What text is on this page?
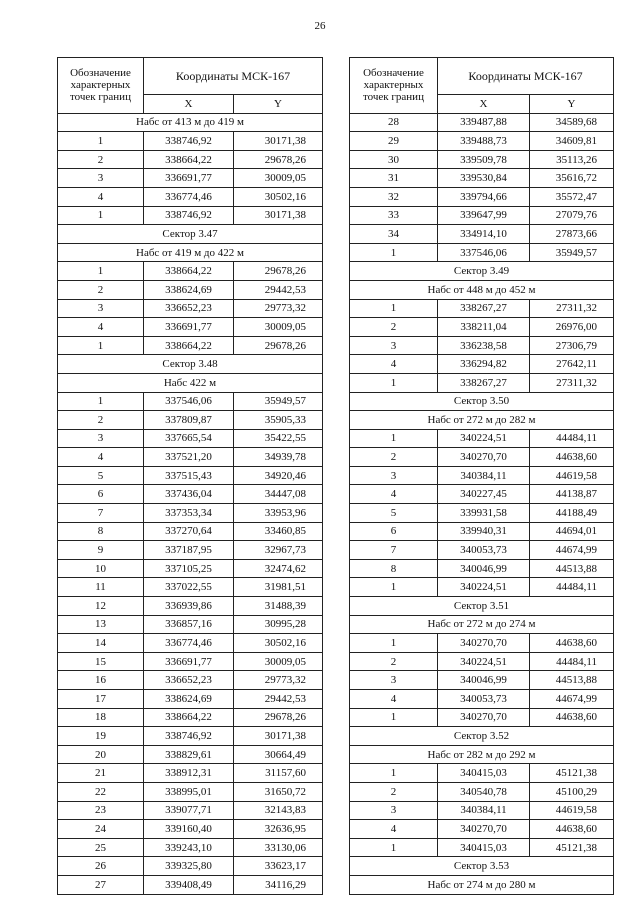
26
Обозначение характерных точек границ	Координаты МСК-167	
	X	Y
Набс от 413 м до 419 м		
1	338746,92	30171,38
2	338664,22	29678,26
3	336691,77	30009,05
4	336774,46	30502,16
1	338746,92	30171,38
Сектор 3.47		
Набс от 419 м до 422 м		
1	338664,22	29678,26
2	338624,69	29442,53
3	336652,23	29773,32
4	336691,77	30009,05
1	338664,22	29678,26
Сектор 3.48		
Набс 422 м		
1	337546,06	35949,57
2	337809,87	35905,33
3	337665,54	35422,55
4	337521,20	34939,78
5	337515,43	34920,46
6	337436,04	34447,08
7	337353,34	33953,96
8	337270,64	33460,85
9	337187,95	32967,73
10	337105,25	32474,62
11	337022,55	31981,51
12	336939,86	31488,39
13	336857,16	30995,28
14	336774,46	30502,16
15	336691,77	30009,05
16	336652,23	29773,32
17	338624,69	29442,53
18	338664,22	29678,26
19	338746,92	30171,38
20	338829,61	30664,49
21	338912,31	31157,60
22	338995,01	31650,72
23	339077,71	32143,83
24	339160,40	32636,95
25	339243,10	33130,06
26	339325,80	33623,17
27	339408,49	34116,29
Обозначение характерных точек границ	Координаты МСК-167	
	X	Y
28	339487,88	34589,68
29	339488,73	34609,81
30	339509,78	35113,26
31	339530,84	35616,72
32	339794,66	35572,47
33	339647,99	27079,76
34	334914,10	27873,66
1	337546,06	35949,57
Сектор 3.49		
Набс от 448 м до 452 м		
1	338267,27	27311,32
2	338211,04	26976,00
3	336238,58	27306,79
4	336294,82	27642,11
1	338267,27	27311,32
Сектор 3.50		
Набс от 272 м до 282 м		
1	340224,51	44484,11
2	340270,70	44638,60
3	340384,11	44619,58
4	340227,45	44138,87
5	339931,58	44188,49
6	339940,31	44694,01
7	340053,73	44674,99
8	340046,99	44513,88
1	340224,51	44484,11
Сектор 3.51		
Набс от 272 м до 274 м		
1	340270,70	44638,60
2	340224,51	44484,11
3	340046,99	44513,88
4	340053,73	44674,99
1	340270,70	44638,60
Сектор 3.52		
Набс от 282 м до 292 м		
1	340415,03	45121,38
2	340540,78	45100,29
3	340384,11	44619,58
4	340270,70	44638,60
1	340415,03	45121,38
Сектор 3.53		
Набс от 274 м до 280 м		
